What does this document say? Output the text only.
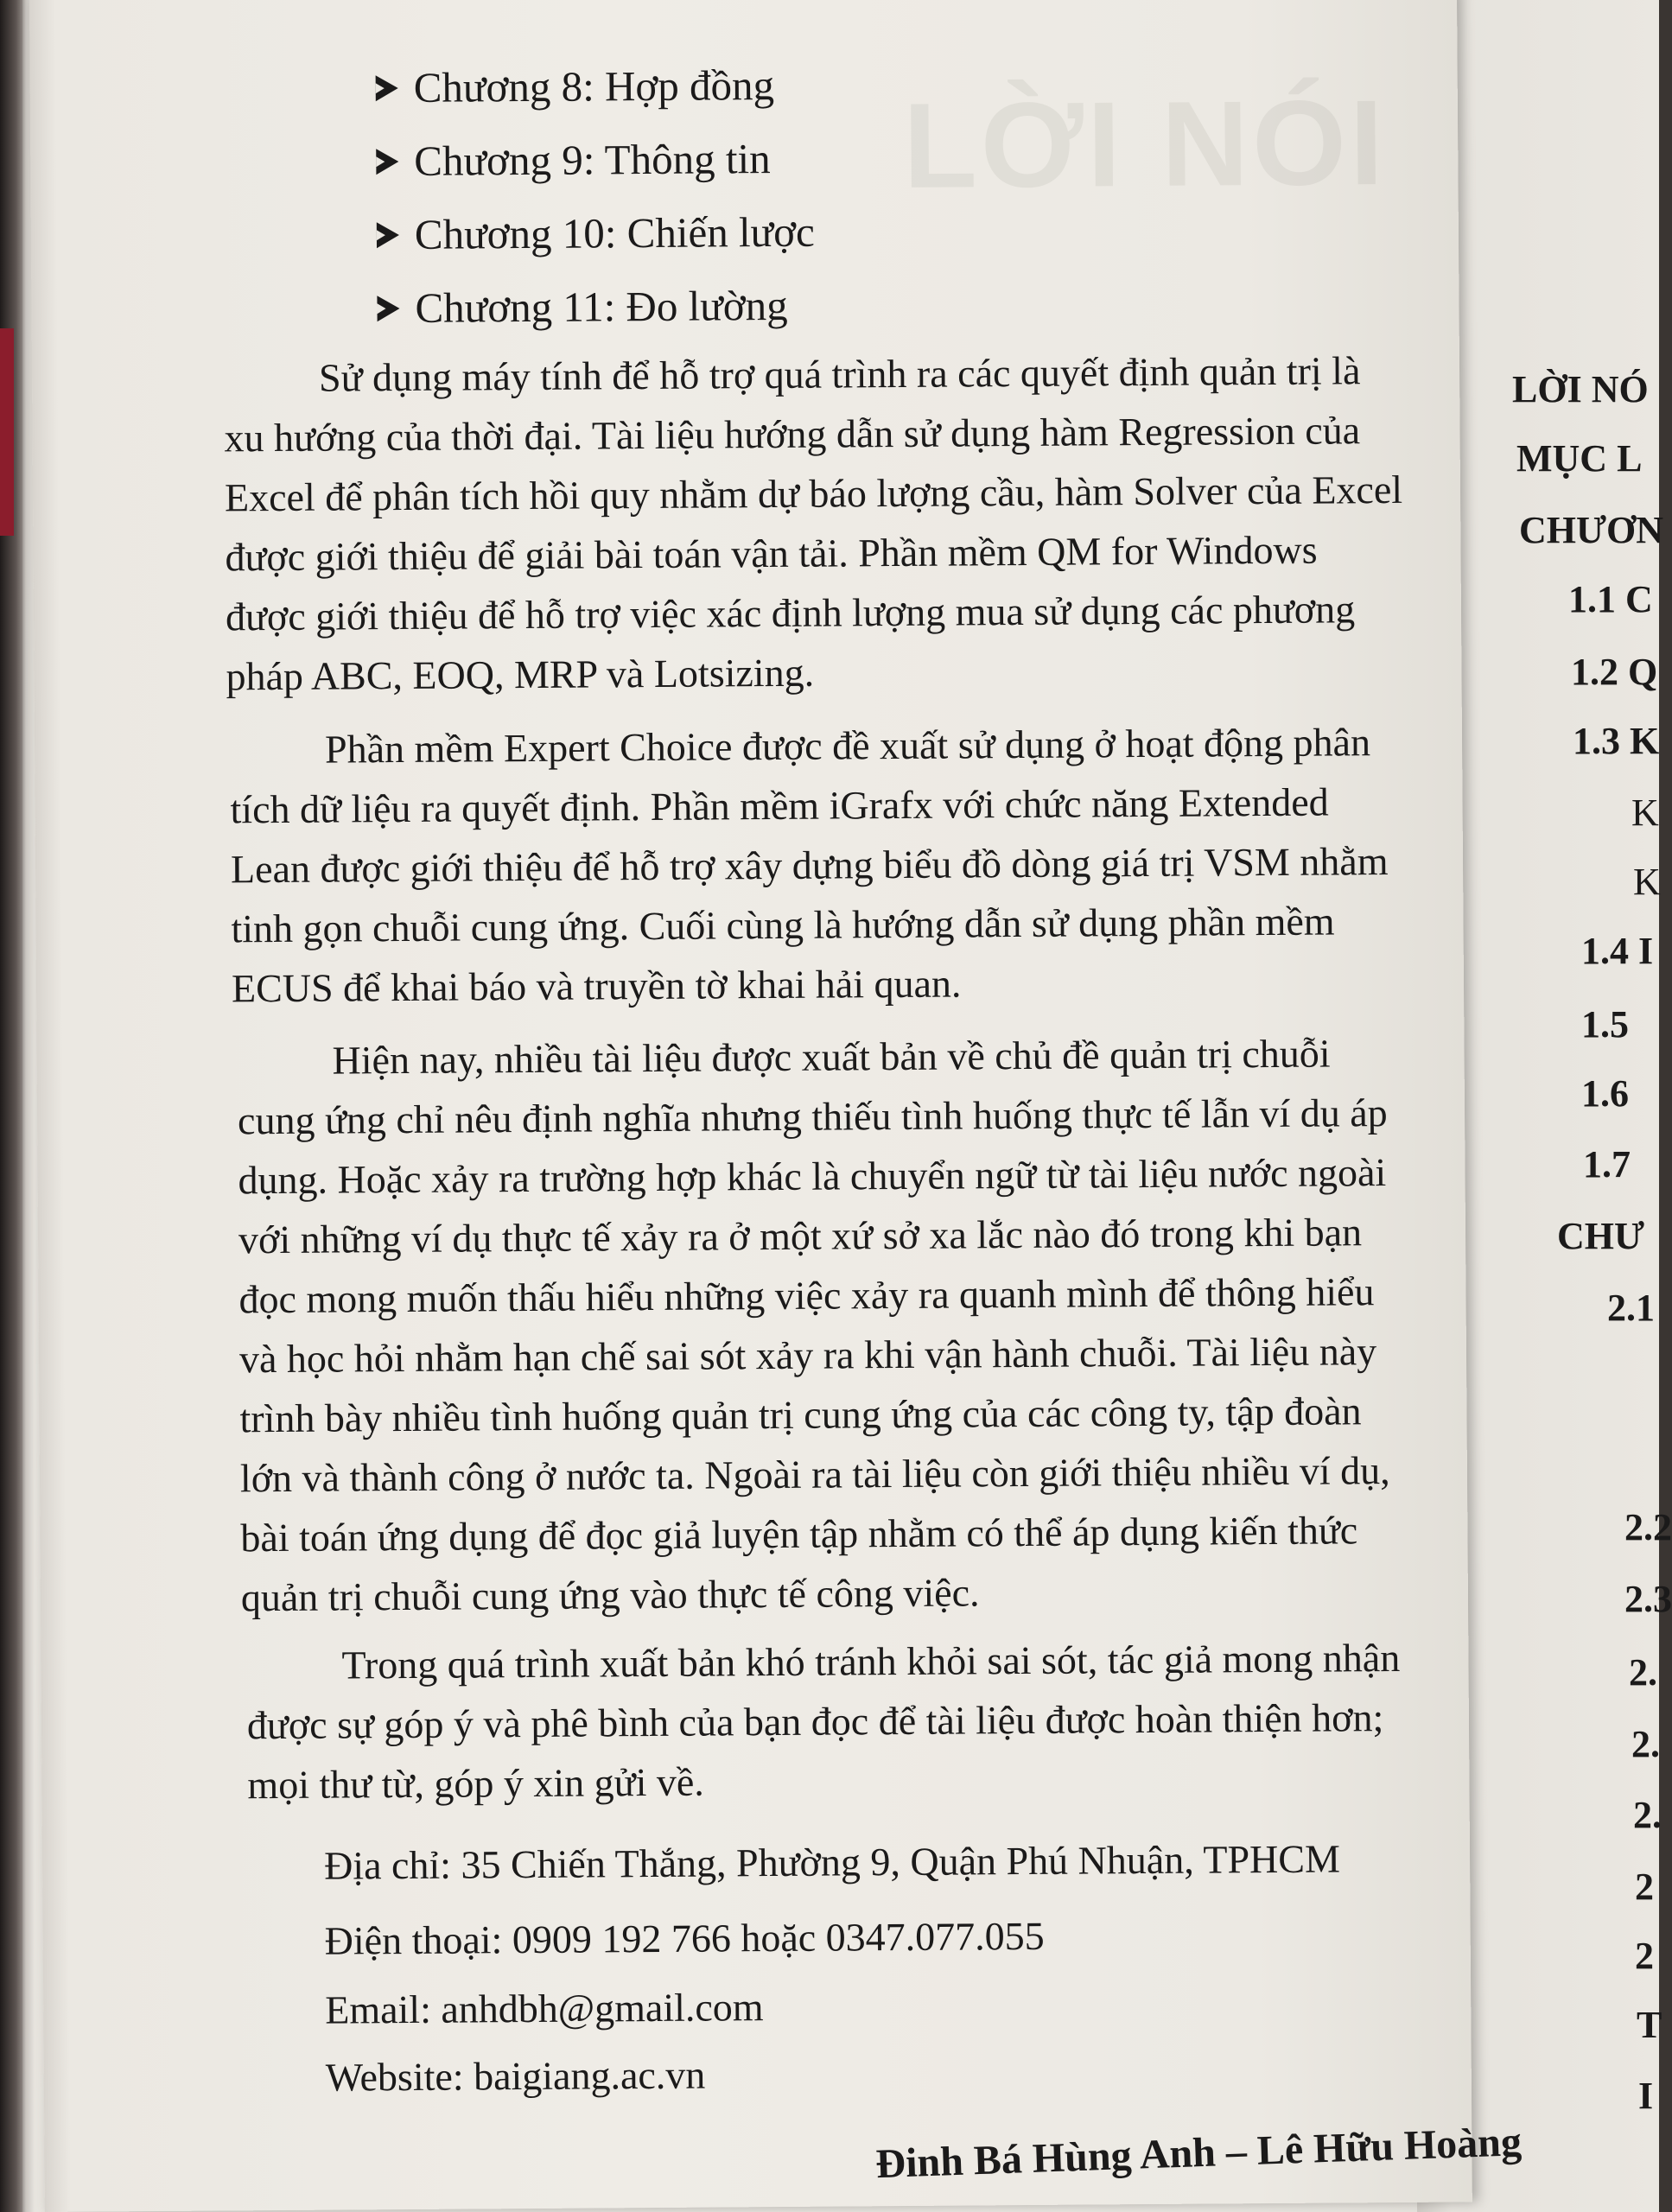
LỜI NÓ
MỤC L
CHƯƠN
1.1 C
1.2 Q
1.3 K
K
K
1.4 I
1.5
1.6
1.7
CHƯ
2.1
2.2
2.3
2.
2.
2.
2
2
T
I
LỜI NÓI
Chương 8: Hợp đồng
Chương 9: Thông tin
Chương 10: Chiến lược
Chương 11: Đo lường

Sử dụng máy tính để hỗ trợ quá trình ra các quyết định quản trị là
xu hướng của thời đại. Tài liệu hướng dẫn sử dụng hàm Regression của
Excel để phân tích hồi quy nhằm dự báo lượng cầu, hàm Solver của Excel
được giới thiệu để giải bài toán vận tải. Phần mềm QM for Windows
được giới thiệu để hỗ trợ việc xác định lượng mua sử dụng các phương
pháp ABC, EOQ, MRP và Lotsizing.

Phần mềm Expert Choice được đề xuất sử dụng ở hoạt động phân
tích dữ liệu ra quyết định. Phần mềm iGrafx với chức năng Extended
Lean được giới thiệu để hỗ trợ xây dựng biểu đồ dòng giá trị VSM nhằm
tinh gọn chuỗi cung ứng. Cuối cùng là hướng dẫn sử dụng phần mềm
ECUS để khai báo và truyền tờ khai hải quan.

Hiện nay, nhiều tài liệu được xuất bản về chủ đề quản trị chuỗi
cung ứng chỉ nêu định nghĩa nhưng thiếu tình huống thực tế lẫn ví dụ áp
dụng. Hoặc xảy ra trường hợp khác là chuyển ngữ từ tài liệu nước ngoài
với những ví dụ thực tế xảy ra ở một xứ sở xa lắc nào đó trong khi bạn
đọc mong muốn thấu hiểu những việc xảy ra quanh mình để thông hiểu
và học hỏi nhằm hạn chế sai sót xảy ra khi vận hành chuỗi. Tài liệu này
trình bày nhiều tình huống quản trị cung ứng của các công ty, tập đoàn
lớn và thành công ở nước ta. Ngoài ra tài liệu còn giới thiệu nhiều ví dụ,
bài toán ứng dụng để đọc giả luyện tập nhằm có thể áp dụng kiến thức
quản trị chuỗi cung ứng vào thực tế công việc.

Trong quá trình xuất bản khó tránh khỏi sai sót, tác giả mong nhận
được sự góp ý và phê bình của bạn đọc để tài liệu được hoàn thiện hơn;
mọi thư từ, góp ý xin gửi về.

Địa chỉ: 35 Chiến Thắng, Phường 9, Quận Phú Nhuận, TPHCM

Điện thoại: 0909 192 766 hoặc 0347.077.055

Email: anhdbh@gmail.com

Website: baigiang.ac.vn

Đinh Bá Hùng Anh – Lê Hữu Hoàng
